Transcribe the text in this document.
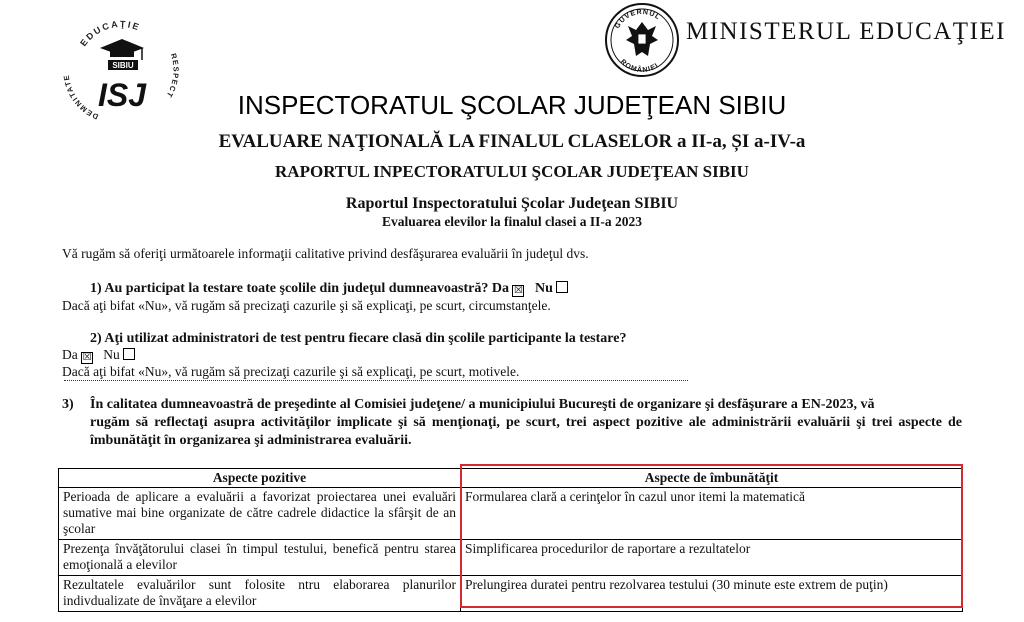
EDUCAŢIE
DEMNITATE
RESPECT
SIBIU
ISJ
GUVERNUL
ROMÂNIEI
MINISTERUL EDUCAŢIEI
INSPECTORATUL ŞCOLAR JUDEŢEAN SIBIU
EVALUARE NAŢIONALĂ LA FINALUL CLASELOR a II-a, ȘI a-IV-a
RAPORTUL INPECTORATULUI ŞCOLAR JUDEŢEAN SIBIU
Raportul Inspectoratului Şcolar Judeţean SIBIU
Evaluarea elevilor la finalul clasei a II-a 2023
Vă rugăm să oferiţi următoarele informaţii calitative privind desfăşurarea evaluării în judeţul dvs.
1) Au participat la testare toate şcolile din judeţul dumneavoastră? Da ☒ Nu
Dacă aţi bifat «Nu», vă rugăm să precizaţi cazurile şi să explicaţi, pe scurt, circumstanţele.
2) Aţi utilizat administratori de test pentru fiecare clasă din şcolile participante la testare?
Da ☒ Nu
Dacă aţi bifat «Nu», vă rugăm să precizaţi cazurile şi să explicaţi, pe scurt, motivele.
3) În calitatea dumneavoastră de preşedinte al Comisiei judeţene/ a municipiului Bucureşti de organizare şi desfăşurare a EN-2023, vă
rugăm să reflectaţi asupra activităţilor implicate şi să menţionaţi, pe scurt, trei aspect pozitive ale administrării evaluării şi trei aspecte de îmbunătăţit în organizarea şi administrarea evaluării.
Aspecte pozitive	Aspecte de îmbunătăţit
Perioada de aplicare a evaluării a favorizat proiectarea unei evaluări sumative mai bine organizate de către cadrele didactice la sfârşit de an şcolar	Formularea clară a cerinţelor în cazul unor itemi la matematică
Prezenţa învăţătorului clasei în timpul testului, benefică pentru starea emoţională a elevilor	Simplificarea procedurilor de raportare a rezultatelor
Rezultatele evaluărilor sunt folosite ntru elaborarea planurilor indivdualizate de învăţare a elevilor	Prelungirea duratei pentru rezolvarea testului (30 minute este extrem de puţin)
